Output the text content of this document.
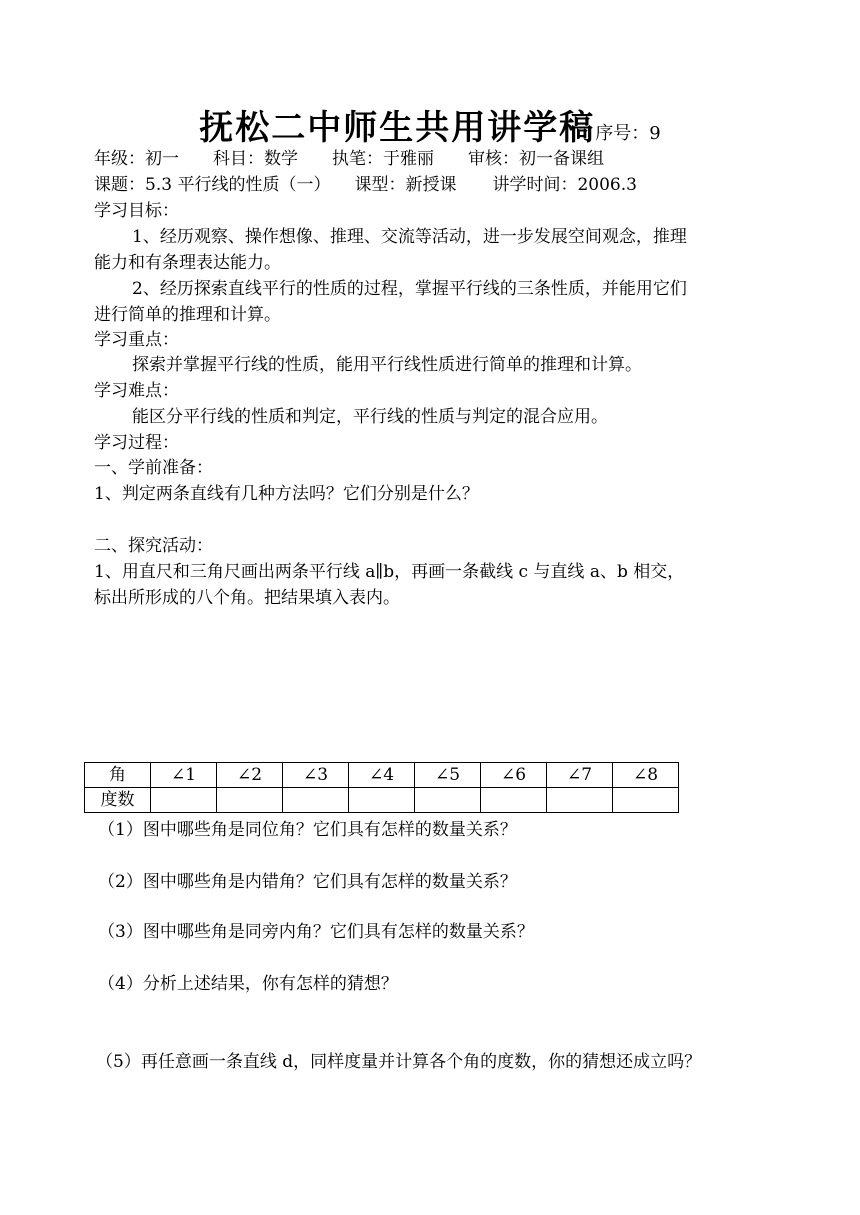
抚松二中师生共用讲学稿序号：9
年级：初一 科目：数学 执笔：于雅丽 审核：初一备课组
课题：5.3 平行线的性质（一） 课型：新授课 讲学时间：2006.3
学习目标：
1、经历观察、操作想像、推理、交流等活动，进一步发展空间观念，推理
能力和有条理表达能力。
2、经历探索直线平行的性质的过程，掌握平行线的三条性质，并能用它们
进行简单的推理和计算。
学习重点：
探索并掌握平行线的性质，能用平行线性质进行简单的推理和计算。
学习难点：
能区分平行线的性质和判定，平行线的性质与判定的混合应用。
学习过程：
一、学前准备：
1、判定两条直线有几种方法吗？它们分别是什么？
二、探究活动：
1、用直尺和三角尺画出两条平行线 a∥b，再画一条截线 c 与直线 a、b 相交，
标出所形成的八个角。把结果填入表内。
角	∠1	∠2	∠3	∠4	∠5	∠6	∠7	∠8
度数								
（1）图中哪些角是同位角？它们具有怎样的数量关系？
（2）图中哪些角是内错角？它们具有怎样的数量关系？
（3）图中哪些角是同旁内角？它们具有怎样的数量关系？
（4）分析上述结果，你有怎样的猜想？
（5）再任意画一条直线 d，同样度量并计算各个角的度数，你的猜想还成立吗？
